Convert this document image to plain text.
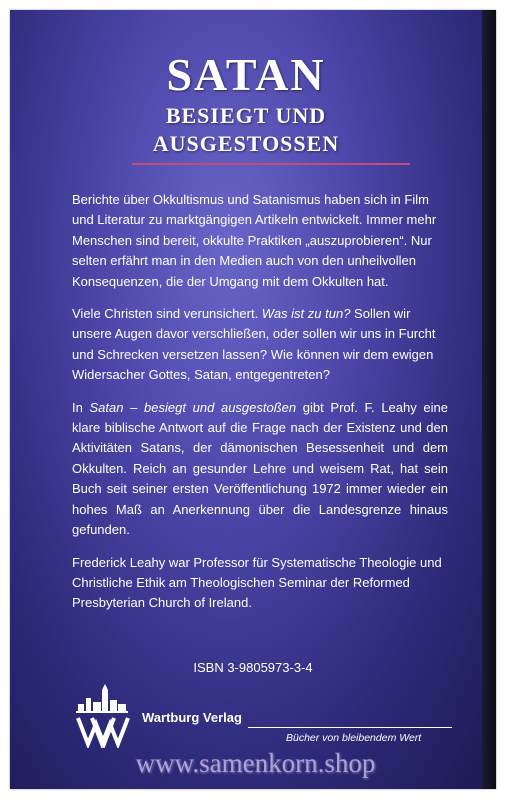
SATAN
BESIEGT UND
AUSGESTOSSEN

Berichte über Okkultismus und Satanismus haben sich in Film und Literatur zu marktgängigen Artikeln entwickelt. Immer mehr Menschen sind bereit, okkulte Praktiken „auszuprobieren“. Nur selten erfährt man in den Medien auch von den unheilvollen Konsequenzen, die der Umgang mit dem Okkulten hat.

Viele Christen sind verunsichert. Was ist zu tun? Sollen wir unsere Augen davor verschließen, oder sollen wir uns in Furcht und Schrecken versetzen lassen? Wie können wir dem ewigen Widersacher Gottes, Satan, entgegentreten?

In Satan – besiegt und ausgestoßen gibt Prof. F. Leahy eine klare biblische Antwort auf die Frage nach der Existenz und den Aktivitäten Satans, der dämonischen Besessenheit und dem Okkulten. Reich an gesunder Lehre und weisem Rat, hat sein Buch seit seiner ersten Veröffentlichung 1972 immer wieder ein hohes Maß an Anerkennung über die Landesgrenze hinaus gefunden.

Frederick Leahy war Professor für Systematische Theologie und Christliche Ethik am Theologischen Seminar der Reformed Presbyterian Church of Ireland.

ISBN 3-9805973-3-4
Wartburg Verlag
Bücher von bleibendem Wert
www.samenkorn.shop
